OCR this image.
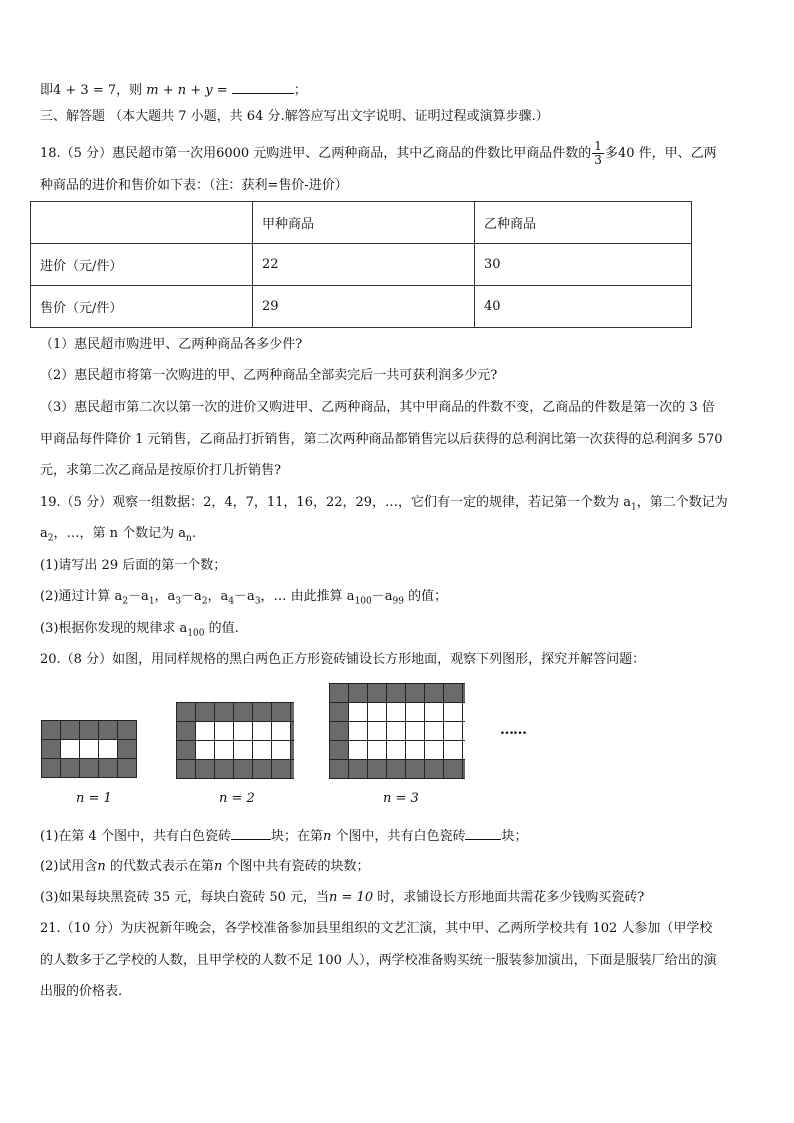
即4 + 3 = 7，则 m + n + y =	；
三、解答题 （本大题共 7 小题，共 64 分.解答应写出文字说明、证明过程或演算步骤.）
18.（5 分）惠民超市第一次用6000 元购进甲、乙两种商品，其中乙商品的件数比甲商品件数的 $\frac{1}{3}$ 多40 件，甲、乙两
种商品的进价和售价如下表：（注：获利=售价-进价）
	甲种商品	乙种商品
进价（元/件）	22	30
售价（元/件）	29	40
（1）惠民超市购进甲、乙两种商品各多少件?
（2）惠民超市将第一次购进的甲、乙两种商品全部卖完后一共可获利润多少元?
（3）惠民超市第二次以第一次的进价又购进甲、乙两种商品，其中甲商品的件数不变，乙商品的件数是第一次的 3 倍
甲商品每件降价 1 元销售，乙商品打折销售，第二次两种商品都销售完以后获得的总利润比第一次获得的总利润多 570
元，求第二次乙商品是按原价打几折销售?
19.（5 分）观察一组数据：2，4，7，11，16，22，29，…，它们有一定的规律，若记第一个数为 $a_1$，第二个数记为
$a_2$，…，第 n 个数记为 $a_n$.
(1)请写出 29 后面的第一个数；
(2)通过计算 $a_2-a_1$，$a_3-a_2$，$a_4-a_3$，… 由此推算 $a_{100}-a_{99}$ 的值；
(3)根据你发现的规律求 $a_{100}$ 的值.
20.（8 分）如图，用同样规格的黑白两色正方形瓷砖铺设长方形地面，观察下列图形，探究并解答问题：
……
n = 1	n = 2	n = 3
(1)在第 4 个图中，共有白色瓷砖	块；在第n 个图中，共有白色瓷砖	块；
(2)试用含n 的代数式表示在第n 个图中共有瓷砖的块数；
(3)如果每块黑瓷砖 35 元，每块白瓷砖 50 元，当n = 10 时，求铺设长方形地面共需花多少钱购买瓷砖?
21.（10 分）为庆祝新年晚会，各学校准备参加县里组织的文艺汇演，其中甲、乙两所学校共有 102 人参加（甲学校
的人数多于乙学校的人数，且甲学校的人数不足 100 人），两学校准备购买统一服装参加演出，下面是服装厂给出的演
出服的价格表.
